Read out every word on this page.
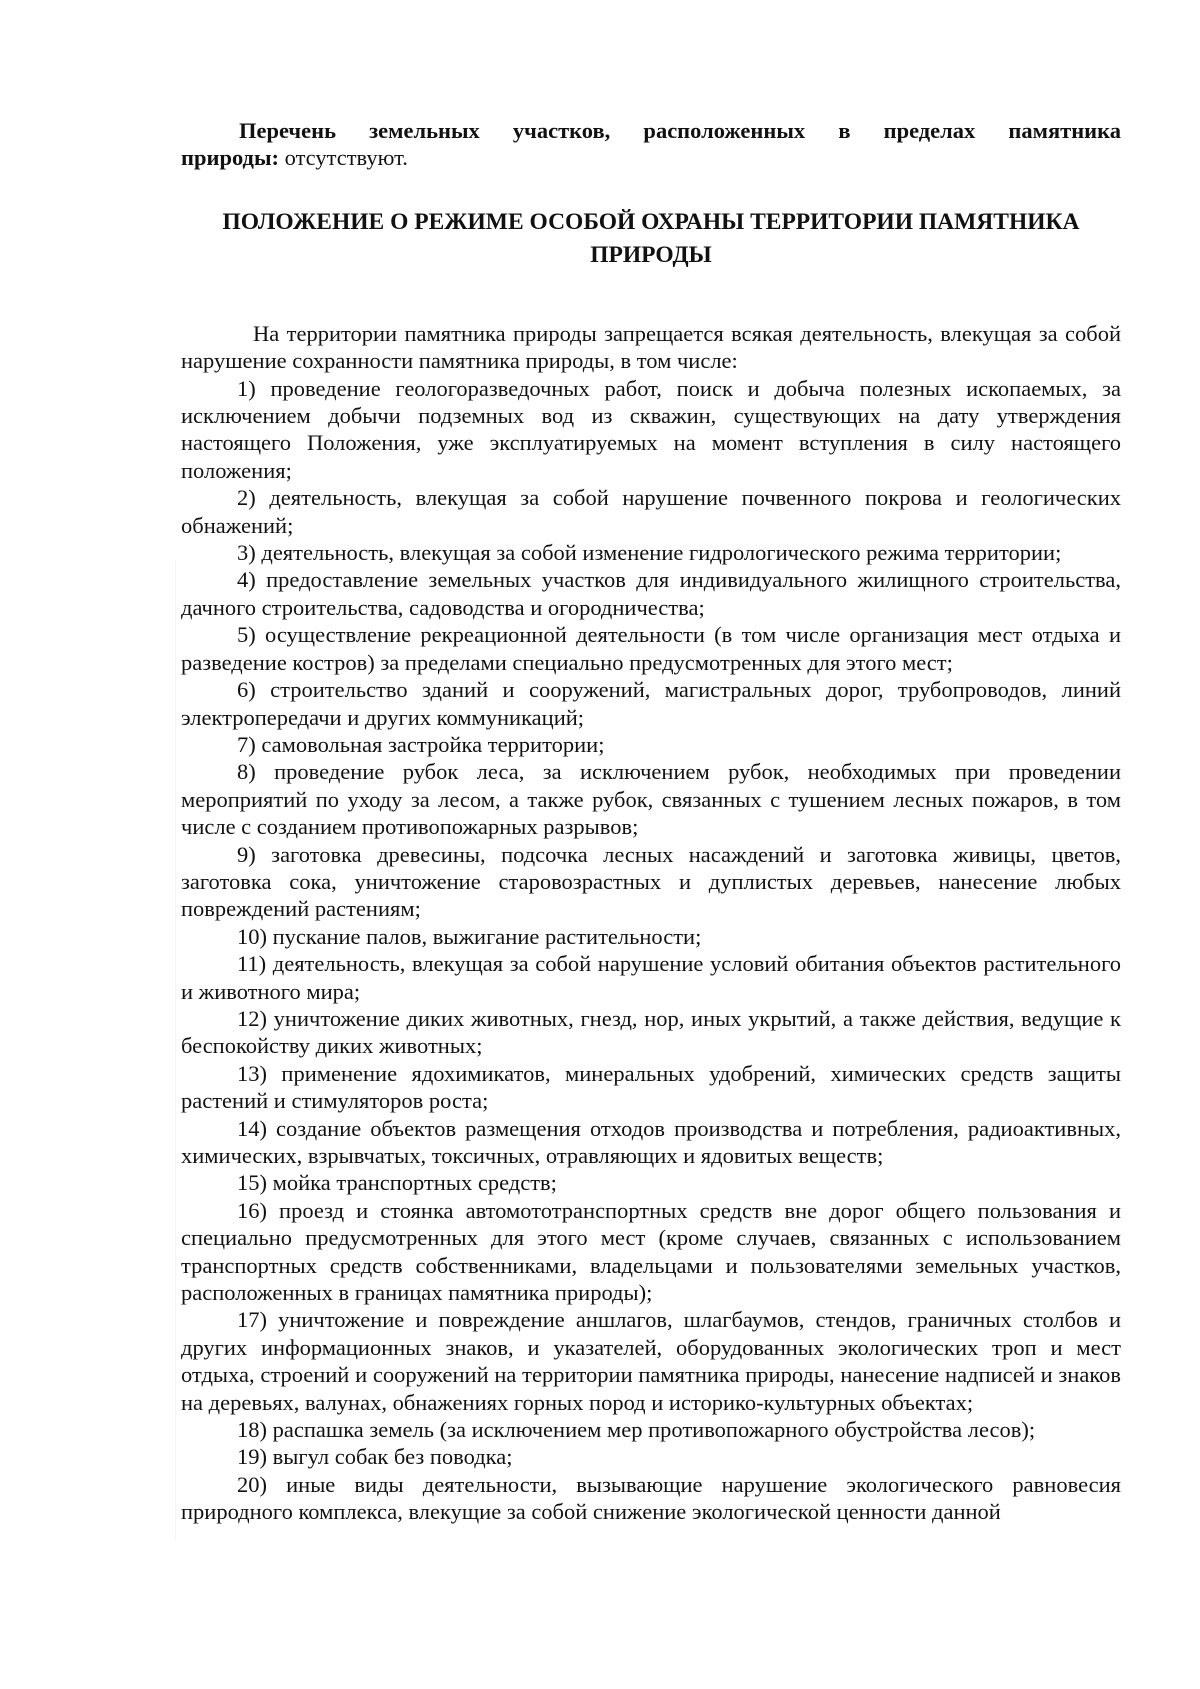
Перечень земельных участков, расположенных в пределах памятника природы: отсутствуют.

ПОЛОЖЕНИЕ О РЕЖИМЕ ОСОБОЙ ОХРАНЫ ТЕРРИТОРИИ ПАМЯТНИКА ПРИРОДЫ

На территории памятника природы запрещается всякая деятельность, влекущая за собой нарушение сохранности памятника природы, в том числе:

1) проведение геологоразведочных работ, поиск и добыча полезных ископаемых, за исключением добычи подземных вод из скважин, существующих на дату утверждения настоящего Положения, уже эксплуатируемых на момент вступления в силу настоящего положения;

2) деятельность, влекущая за собой нарушение почвенного покрова и геологических обнажений;

3) деятельность, влекущая за собой изменение гидрологического режима территории;

4) предоставление земельных участков для индивидуального жилищного строительства, дачного строительства, садоводства и огородничества;

5) осуществление рекреационной деятельности (в том числе организация мест отдыха и разведение костров) за пределами специально предусмотренных для этого мест;

6) строительство зданий и сооружений, магистральных дорог, трубопроводов, линий электропередачи и других коммуникаций;

7) самовольная застройка территории;

8) проведение рубок леса, за исключением рубок, необходимых при проведении мероприятий по уходу за лесом, а также рубок, связанных с тушением лесных пожаров, в том числе с созданием противопожарных разрывов;

9) заготовка древесины, подсочка лесных насаждений и заготовка живицы, цветов, заготовка сока, уничтожение старовозрастных и дуплистых деревьев, нанесение любых повреждений растениям;

10) пускание палов, выжигание растительности;

11) деятельность, влекущая за собой нарушение условий обитания объектов растительного и животного мира;

12) уничтожение диких животных, гнезд, нор, иных укрытий, а также действия, ведущие к беспокойству диких животных;

13) применение ядохимикатов, минеральных удобрений, химических средств защиты растений и стимуляторов роста;

14) создание объектов размещения отходов производства и потребления, радиоактивных, химических, взрывчатых, токсичных, отравляющих и ядовитых веществ;

15) мойка транспортных средств;

16) проезд и стоянка автомототранспортных средств вне дорог общего пользования и специально предусмотренных для этого мест (кроме случаев, связанных с использованием транспортных средств собственниками, владельцами и пользователями земельных участков, расположенных в границах памятника природы);

17) уничтожение и повреждение аншлагов, шлагбаумов, стендов, граничных столбов и других информационных знаков, и указателей, оборудованных экологических троп и мест отдыха, строений и сооружений на территории памятника природы, нанесение надписей и знаков на деревьях, валунах, обнажениях горных пород и историко-культурных объектах;

18) распашка земель (за исключением мер противопожарного обустройства лесов);

19) выгул собак без поводка;

20) иные виды деятельности, вызывающие нарушение экологического равновесия природного комплекса, влекущие за собой снижение экологической ценности данной
